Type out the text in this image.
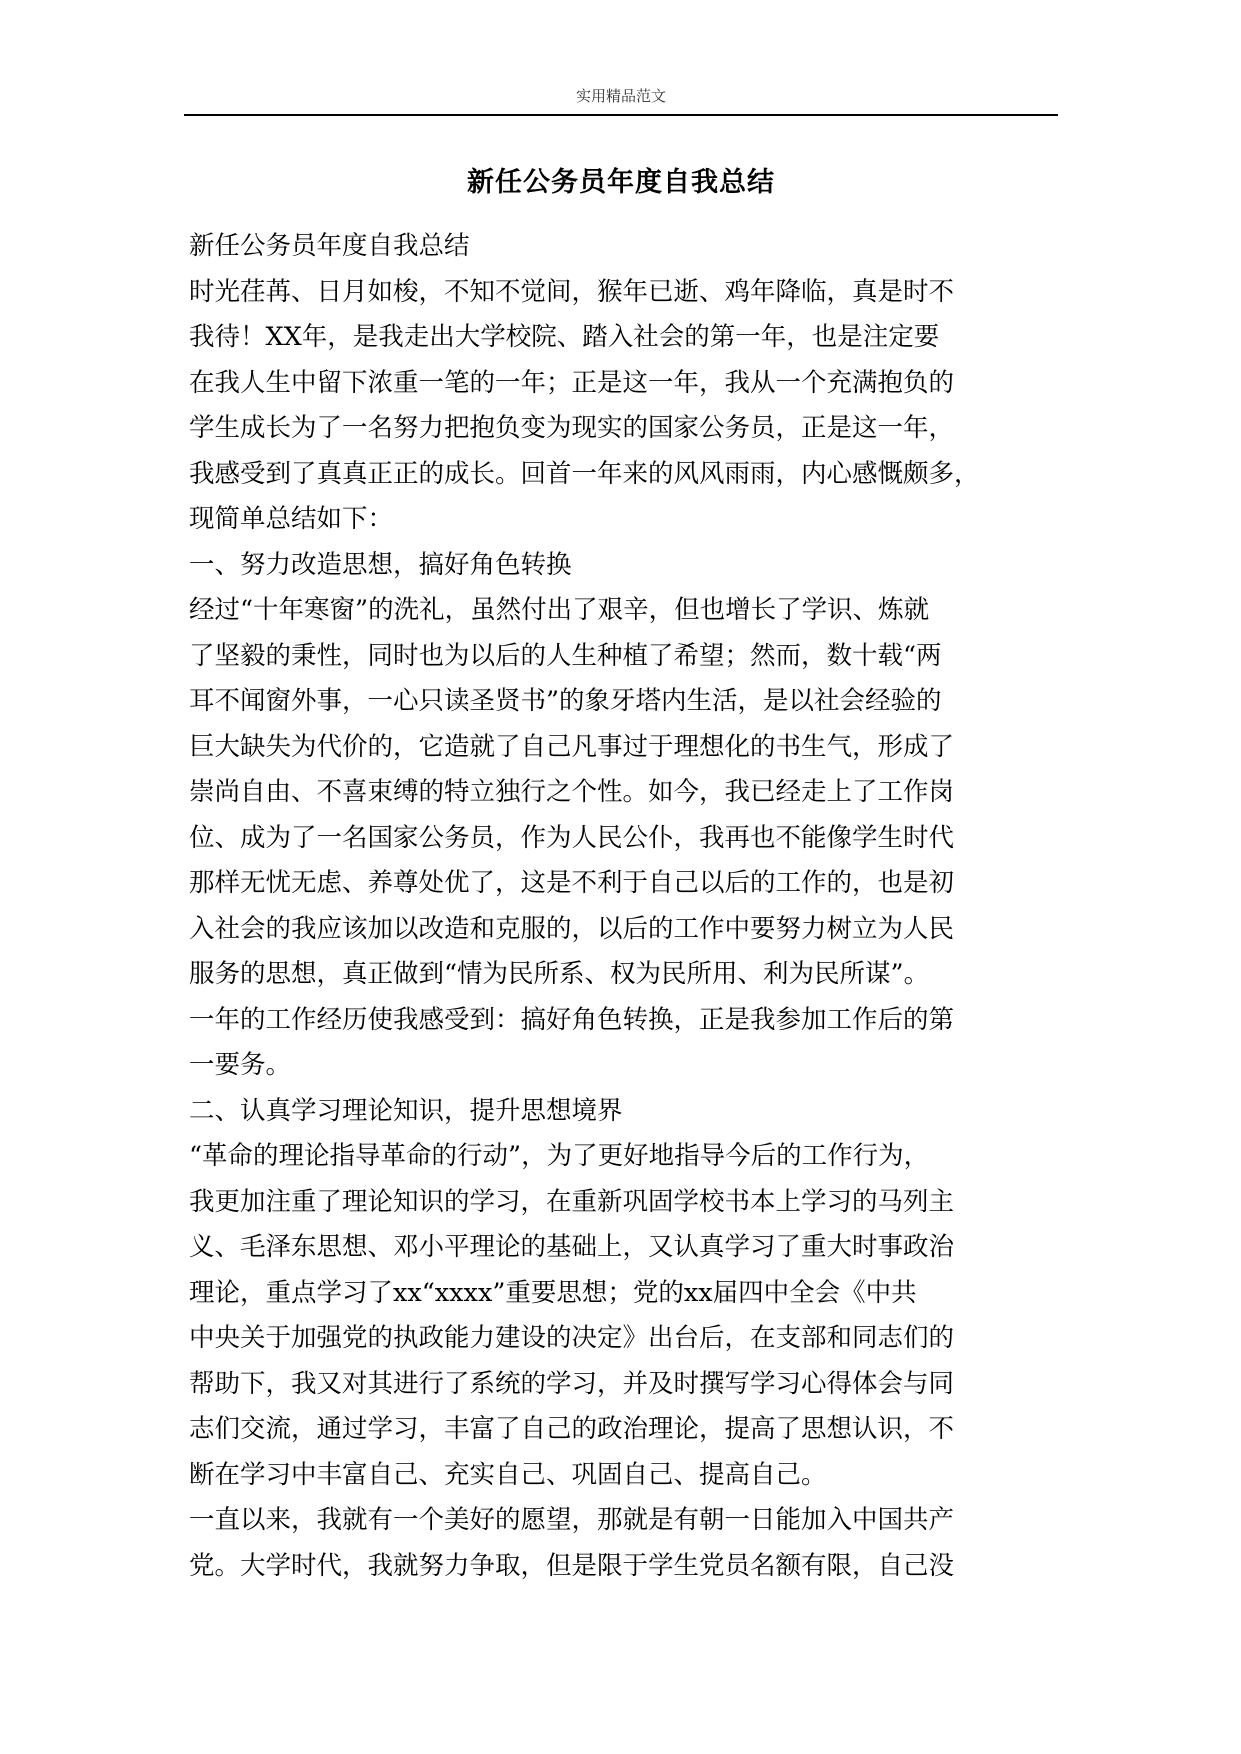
实用精品范文
新任公务员年度自我总结
新任公务员年度自我总结
时光荏苒、日月如梭，不知不觉间，猴年已逝、鸡年降临，真是时不
我待！XX年，是我走出大学校院、踏入社会的第一年，也是注定要
在我人生中留下浓重一笔的一年；正是这一年，我从一个充满抱负的
学生成长为了一名努力把抱负变为现实的国家公务员，正是这一年，
我感受到了真真正正的成长。回首一年来的风风雨雨，内心感慨颇多，
现简单总结如下：
一、努力改造思想，搞好角色转换
经过“十年寒窗”的洗礼，虽然付出了艰辛，但也增长了学识、炼就
了坚毅的秉性，同时也为以后的人生种植了希望；然而，数十载“两
耳不闻窗外事，一心只读圣贤书”的象牙塔内生活，是以社会经验的
巨大缺失为代价的，它造就了自己凡事过于理想化的书生气，形成了
崇尚自由、不喜束缚的特立独行之个性。如今，我已经走上了工作岗
位、成为了一名国家公务员，作为人民公仆，我再也不能像学生时代
那样无忧无虑、养尊处优了，这是不利于自己以后的工作的，也是初
入社会的我应该加以改造和克服的，以后的工作中要努力树立为人民
服务的思想，真正做到“情为民所系、权为民所用、利为民所谋”。
一年的工作经历使我感受到：搞好角色转换，正是我参加工作后的第
一要务。
二、认真学习理论知识，提升思想境界
“革命的理论指导革命的行动”，为了更好地指导今后的工作行为，
我更加注重了理论知识的学习，在重新巩固学校书本上学习的马列主
义、毛泽东思想、邓小平理论的基础上，又认真学习了重大时事政治
理论，重点学习了xx“xxxx”重要思想；党的xx届四中全会《中共
中央关于加强党的执政能力建设的决定》出台后，在支部和同志们的
帮助下，我又对其进行了系统的学习，并及时撰写学习心得体会与同
志们交流，通过学习，丰富了自己的政治理论，提高了思想认识，不
断在学习中丰富自己、充实自己、巩固自己、提高自己。
一直以来，我就有一个美好的愿望，那就是有朝一日能加入中国共产
党。大学时代，我就努力争取，但是限于学生党员名额有限，自己没
